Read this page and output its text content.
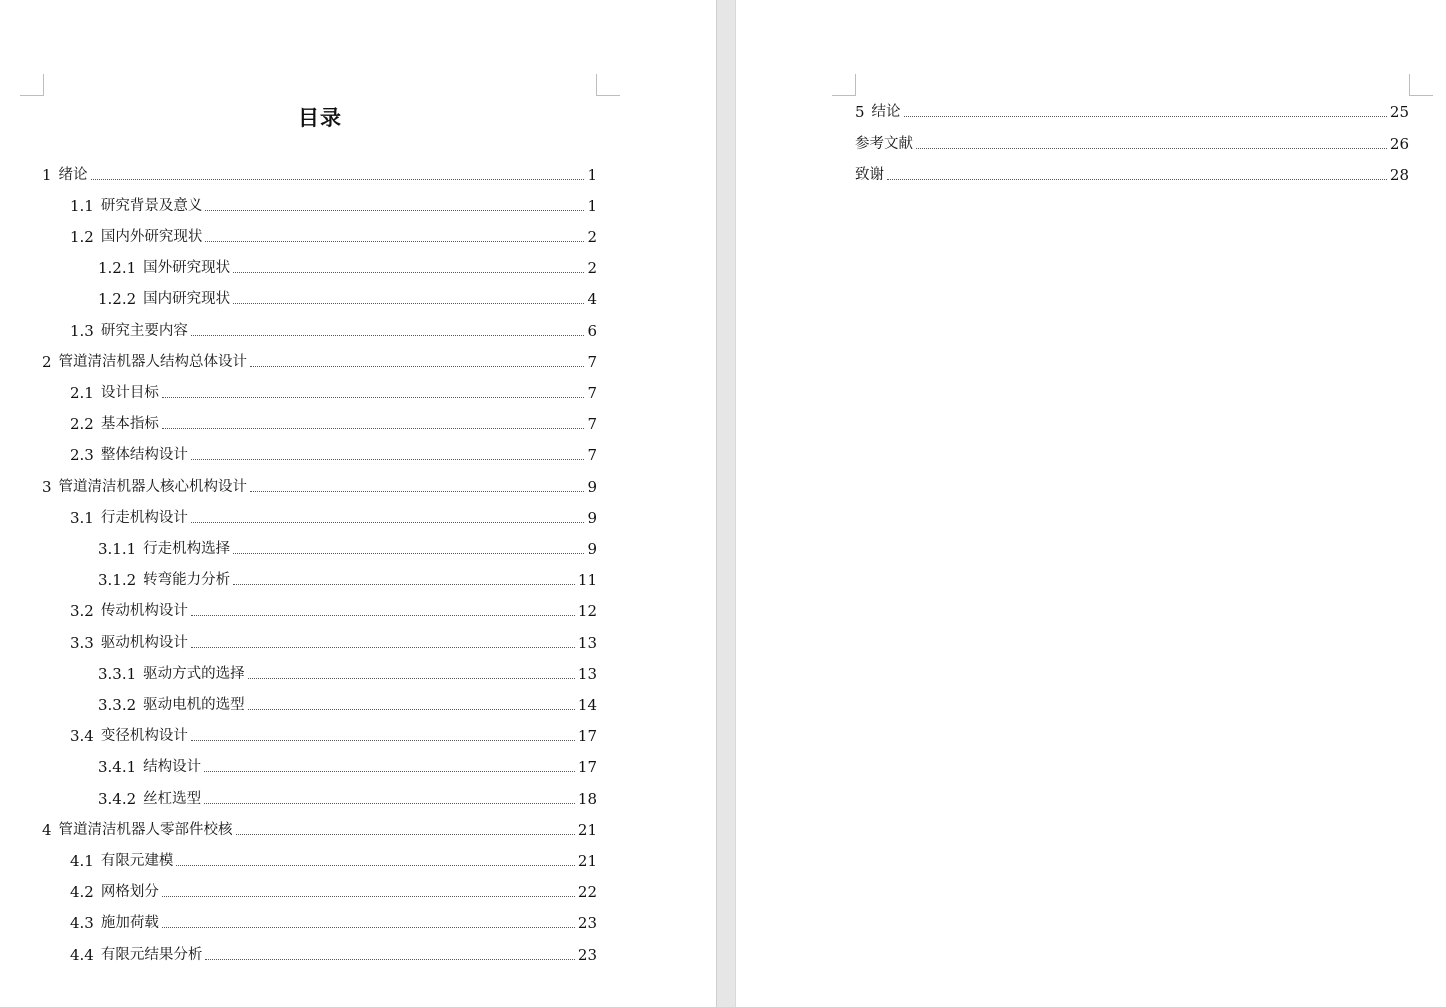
目录
1 绪论	1
1.1 研究背景及意义	1
1.2 国内外研究现状	2
1.2.1 国外研究现状	2
1.2.2 国内研究现状	4
1.3 研究主要内容	6
2 管道清洁机器人结构总体设计	7
2.1 设计目标	7
2.2 基本指标	7
2.3 整体结构设计	7
3 管道清洁机器人核心机构设计	9
3.1 行走机构设计	9
3.1.1 行走机构选择	9
3.1.2 转弯能力分析	11
3.2 传动机构设计	12
3.3 驱动机构设计	13
3.3.1 驱动方式的选择	13
3.3.2 驱动电机的选型	14
3.4 变径机构设计	17
3.4.1 结构设计	17
3.4.2 丝杠选型	18
4 管道清洁机器人零部件校核	21
4.1 有限元建模	21
4.2 网格划分	22
4.3 施加荷载	23
4.4 有限元结果分析	23
5 结论	25
参考文献	26
致谢	28
